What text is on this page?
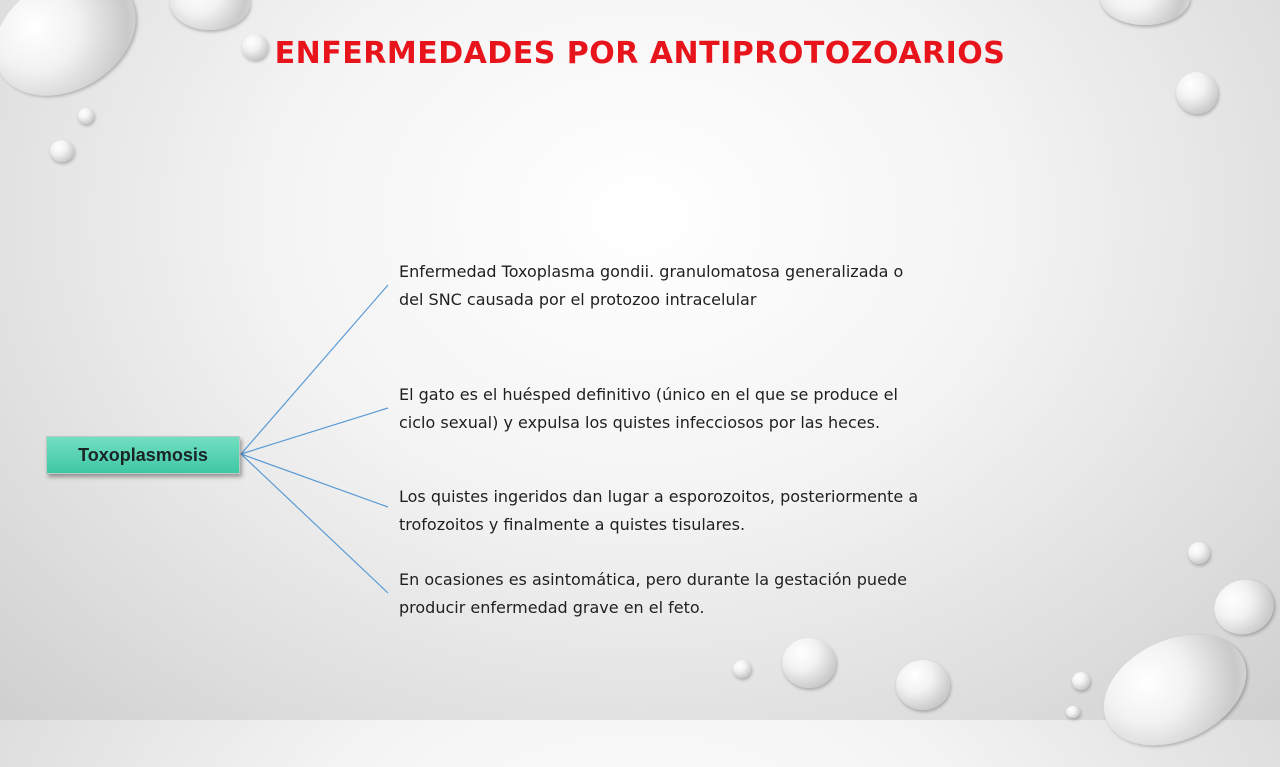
ENFERMEDADES POR ANTIPROTOZOARIOS
Toxoplasmosis
Enfermedad Toxoplasma gondii. granulomatosa generalizada o
del SNC causada por el protozoo intracelular
El gato es el huésped definitivo (único en el que se produce el
ciclo sexual) y expulsa los quistes infecciosos por las heces.
Los quistes ingeridos dan lugar a esporozoitos, posteriormente a
trofozoitos y finalmente a quistes tisulares.
En ocasiones es asintomática, pero durante la gestación puede
producir enfermedad grave en el feto.
